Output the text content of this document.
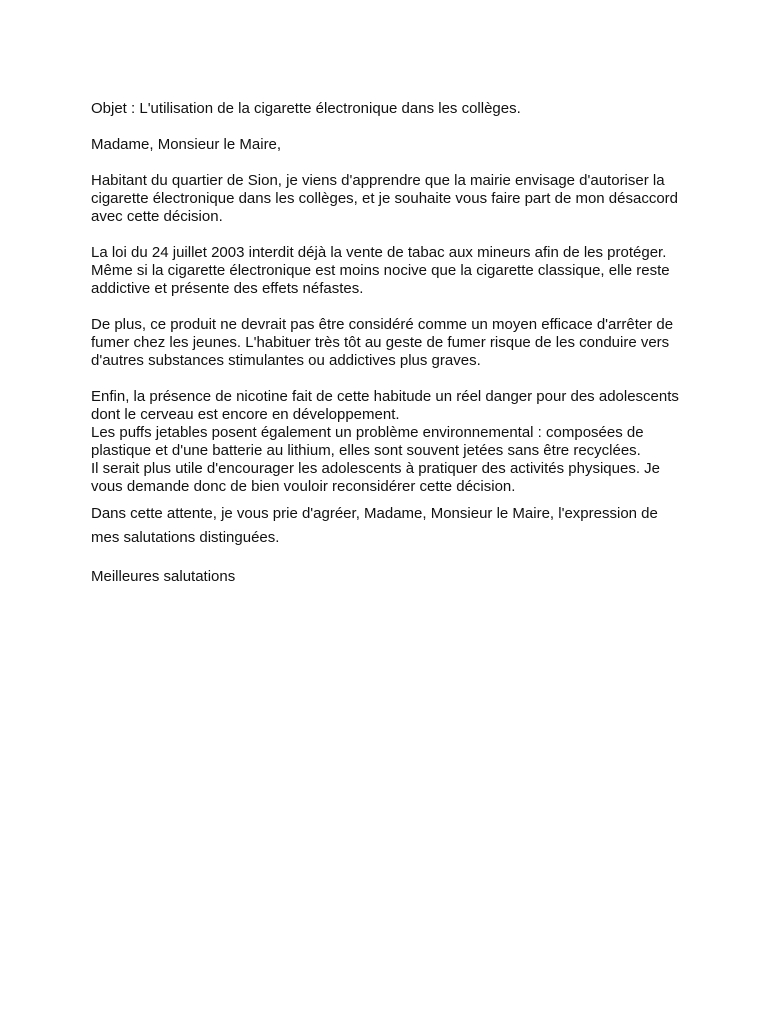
Objet : L'utilisation de la cigarette électronique dans les collèges.

Madame, Monsieur le Maire,

Habitant du quartier de Sion, je viens d'apprendre que la mairie envisage d'autoriser la cigarette électronique dans les collèges, et je souhaite vous faire part de mon désaccord avec cette décision.

La loi du 24 juillet 2003 interdit déjà la vente de tabac aux mineurs afin de les protéger. Même si la cigarette électronique est moins nocive que la cigarette classique, elle reste addictive et présente des effets néfastes.

De plus, ce produit ne devrait pas être considéré comme un moyen efficace d'arrêter de fumer chez les jeunes. L'habituer très tôt au geste de fumer risque de les conduire vers d'autres substances stimulantes ou addictives plus graves.

Enfin, la présence de nicotine fait de cette habitude un réel danger pour des adolescents dont le cerveau est encore en développement.

Les puffs jetables posent également un problème environnemental : composées de plastique et d'une batterie au lithium, elles sont souvent jetées sans être recyclées.

Il serait plus utile d'encourager les adolescents à pratiquer des activités physiques. Je vous demande donc de bien vouloir reconsidérer cette décision.

Dans cette attente, je vous prie d'agréer, Madame, Monsieur le Maire, l'expression de mes salutations distinguées.

Meilleures salutations
